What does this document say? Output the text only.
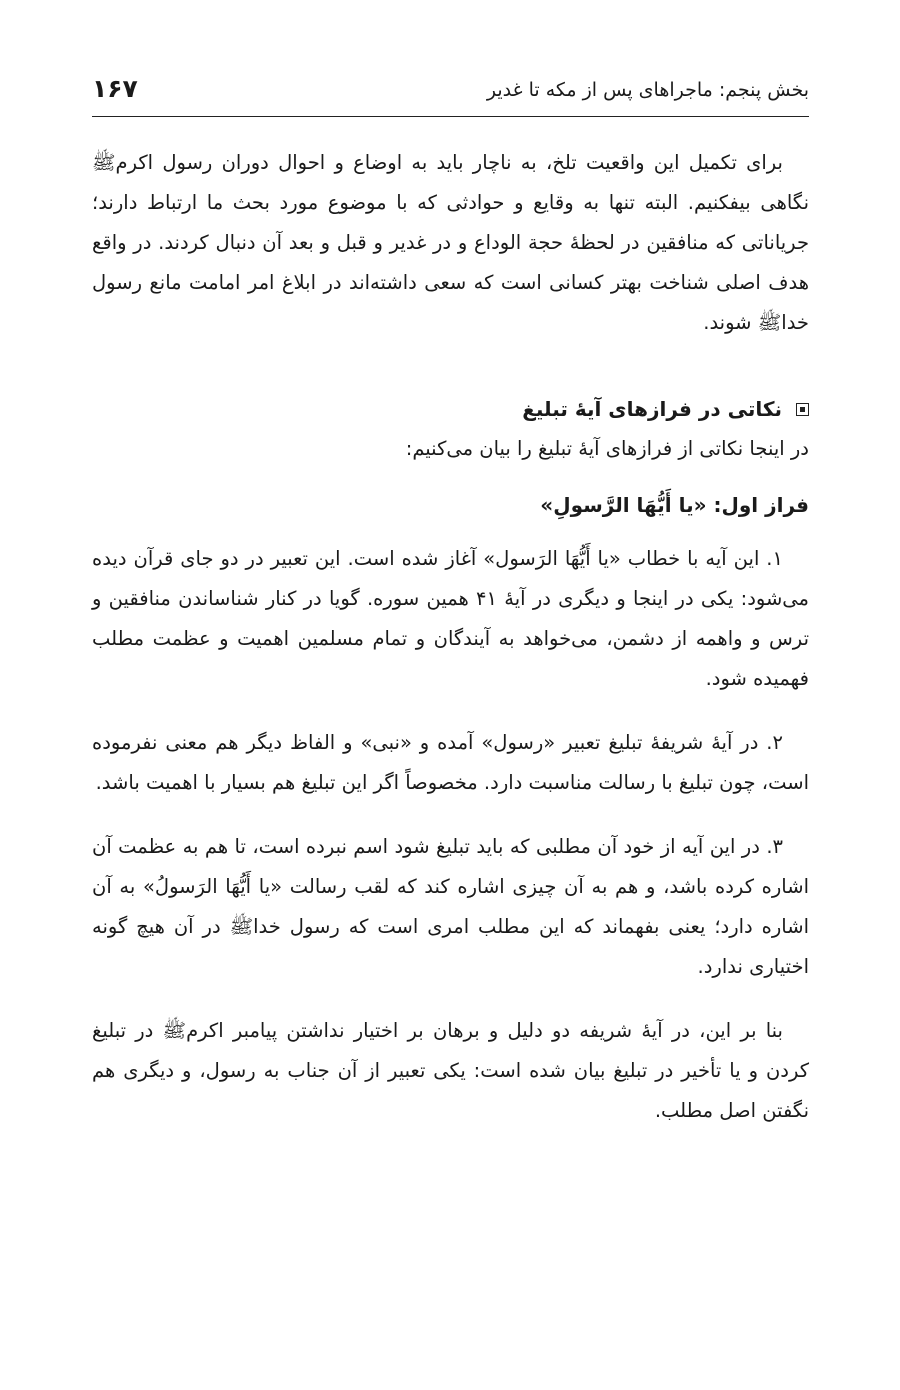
بخش پنجم: ماجراهای پس از مکه تا غدیر
۱۶۷

برای تکمیل این واقعیت تلخ، به ناچار باید به اوضاع و احوال دوران رسول اکرمﷺ نگاهی بیفکنیم. البته تنها به وقایع و حوادثی که با موضوع مورد بحث ما ارتباط دارند؛ جریاناتی که منافقین در لحظهٔ حجة الوداع و در غدیر و قبل و بعد آن دنبال کردند. در واقع هدف اصلی شناخت بهتر کسانی است که سعی داشته‌اند در ابلاغ امر امامت مانع رسول خداﷺ شوند.

نکاتی در فرازهای آیهٔ تبلیغ

در اینجا نکاتی از فرازهای آیهٔ تبلیغ را بیان می‌کنیم:

فراز اول: «یا أَیُّهَا الرَّسولِ»

۱. این آیه با خطاب «یا أَیُّهَا الرَسول» آغاز شده است. این تعبیر در دو جای قرآن دیده می‌شود: یکی در اینجا و دیگری در آیهٔ ۴۱ همین سوره. گویا در کنار شناساندن منافقین و ترس و واهمه از دشمن، می‌خواهد به آیندگان و تمام مسلمین اهمیت و عظمت مطلب فهمیده شود.

۲. در آیهٔ شریفهٔ تبلیغ تعبیر «رسول» آمده و «نبی» و الفاظ دیگر هم معنی نفرموده است، چون تبلیغ با رسالت مناسبت دارد. مخصوصاً اگر این تبلیغ هم بسیار با اهمیت باشد.

۳. در این آیه از خود آن مطلبی که باید تبلیغ شود اسم نبرده است، تا هم به عظمت آن اشاره کرده باشد، و هم به آن چیزی اشاره کند که لقب رسالت «یا أَیُّهَا الرَسولُ» به آن اشاره دارد؛ یعنی بفهماند که این مطلب امری است که رسول خداﷺ در آن هیچ گونه اختیاری ندارد.

بنا بر این، در آیهٔ شریفه دو دلیل و برهان بر اختیار نداشتن پیامبر اکرمﷺ در تبلیغ کردن و یا تأخیر در تبلیغ بیان شده است: یکی تعبیر از آن جناب به رسول، و دیگری هم نگفتن اصل مطلب.
